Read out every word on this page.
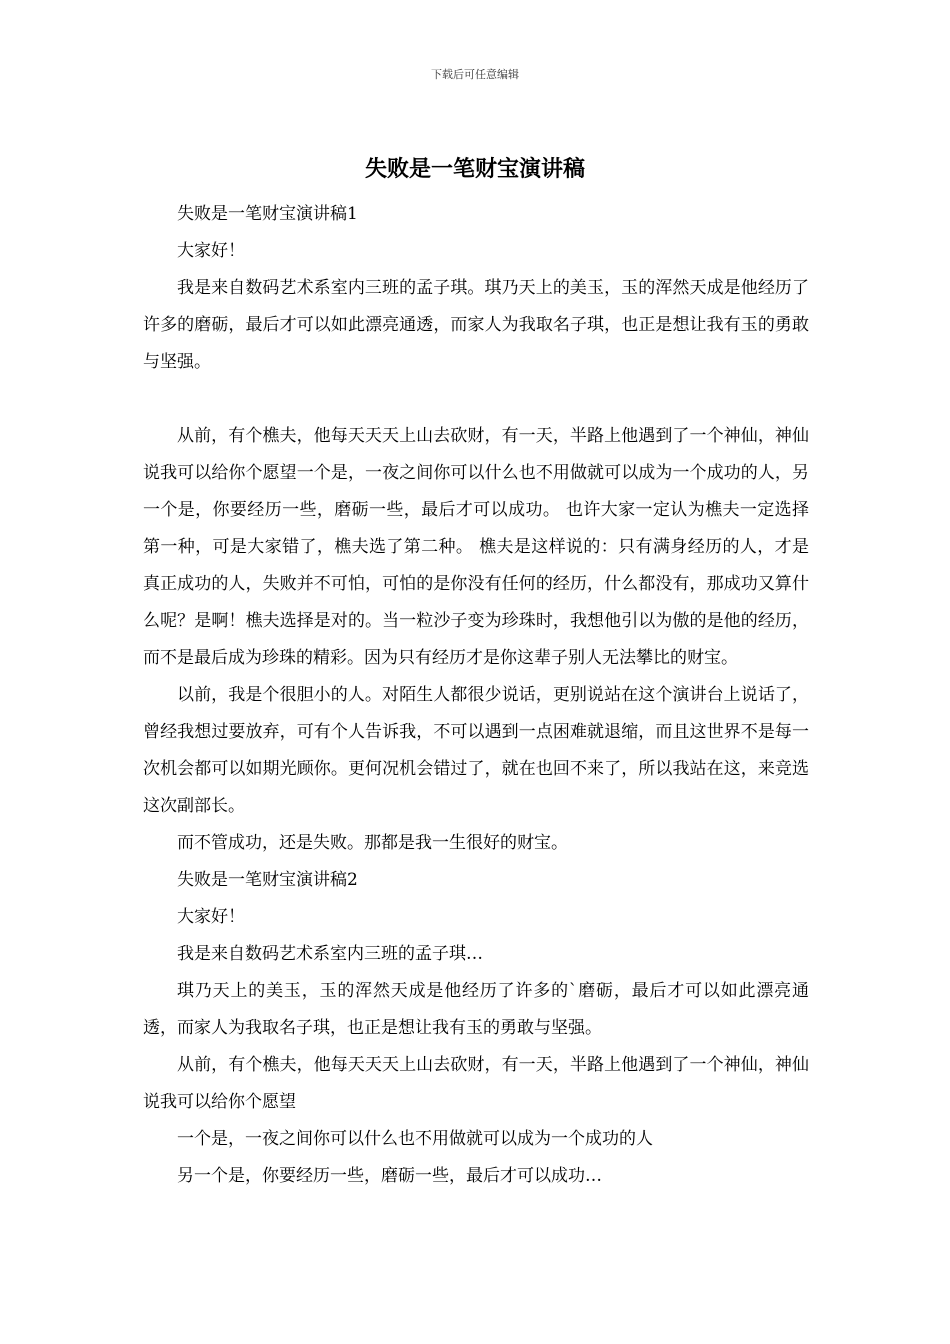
下载后可任意编辑
失败是一笔财宝演讲稿

失败是一笔财宝演讲稿1

大家好！

我是来自数码艺术系室内三班的孟子琪。琪乃天上的美玉，玉的浑然天成是他经历了许多的磨砺，最后才可以如此漂亮通透，而家人为我取名子琪，也正是想让我有玉的勇敢与坚强。

从前，有个樵夫，他每天天天上山去砍财，有一天，半路上他遇到了一个神仙，神仙说我可以给你个愿望一个是，一夜之间你可以什么也不用做就可以成为一个成功的人，另一个是，你要经历一些，磨砺一些，最后才可以成功。 也许大家一定认为樵夫一定选择第一种，可是大家错了，樵夫选了第二种。 樵夫是这样说的：只有满身经历的人，才是真正成功的人，失败并不可怕，可怕的是你没有任何的经历，什么都没有，那成功又算什么呢？是啊！樵夫选择是对的。当一粒沙子变为珍珠时，我想他引以为傲的是他的经历，而不是最后成为珍珠的精彩。因为只有经历才是你这辈子别人无法攀比的财宝。

以前，我是个很胆小的人。对陌生人都很少说话，更别说站在这个演讲台上说话了，曾经我想过要放弃，可有个人告诉我，不可以遇到一点困难就退缩，而且这世界不是每一次机会都可以如期光顾你。更何况机会错过了，就在也回不来了，所以我站在这，来竞选这次副部长。

而不管成功，还是失败。那都是我一生很好的财宝。

失败是一笔财宝演讲稿2

大家好！

我是来自数码艺术系室内三班的孟子琪…

琪乃天上的美玉，玉的浑然天成是他经历了许多的`磨砺，最后才可以如此漂亮通透，而家人为我取名子琪，也正是想让我有玉的勇敢与坚强。

从前，有个樵夫，他每天天天上山去砍财，有一天，半路上他遇到了一个神仙，神仙说我可以给你个愿望

一个是，一夜之间你可以什么也不用做就可以成为一个成功的人

另一个是，你要经历一些，磨砺一些，最后才可以成功…
